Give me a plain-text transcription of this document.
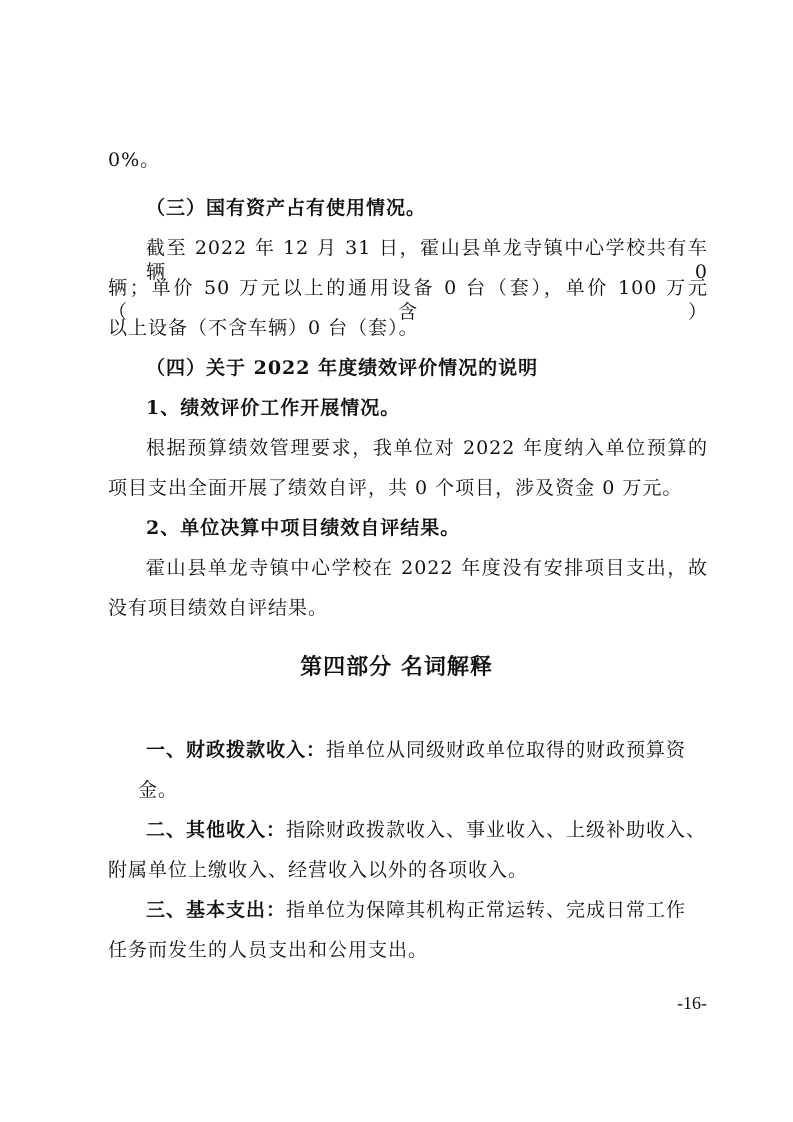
0%。
（三）国有资产占有使用情况。
截至 2022 年 12 月 31 日，霍山县单龙寺镇中心学校共有车辆 0
辆；单价 50 万元以上的通用设备 0 台（套），单价 100 万元（含）
以上设备（不含车辆）0 台（套）。
（四）关于 2022 年度绩效评价情况的说明
1、绩效评价工作开展情况。
根据预算绩效管理要求，我单位对 2022 年度纳入单位预算的
项目支出全面开展了绩效自评，共 0 个项目，涉及资金 0 万元。
2、单位决算中项目绩效自评结果。
霍山县单龙寺镇中心学校在 2022 年度没有安排项目支出，故
没有项目绩效自评结果。
第四部分 名词解释
一、财政拨款收入：指单位从同级财政单位取得的财政预算资
金。
二、其他收入：指除财政拨款收入、事业收入、上级补助收入、
附属单位上缴收入、经营收入以外的各项收入。
三、基本支出：指单位为保障其机构正常运转、完成日常工作
任务而发生的人员支出和公用支出。
-16-
